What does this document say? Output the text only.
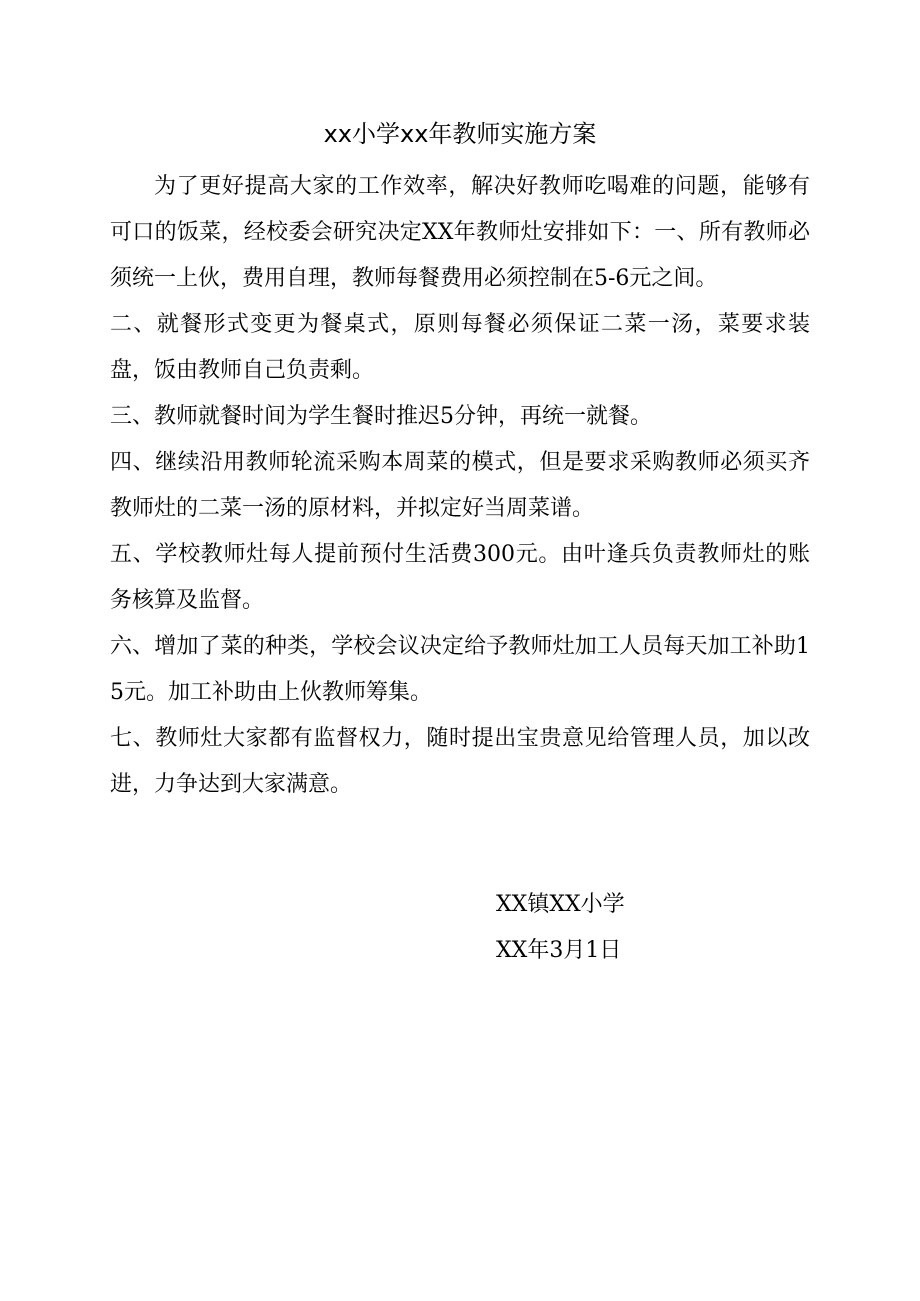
xx小学xx年教师实施方案

为了更好提高大家的工作效率，解决好教师吃喝难的问题，能够有可口的饭菜，经校委会研究决定XX年教师灶安排如下：一、所有教师必须统一上伙，费用自理，教师每餐费用必须控制在5-6元之间。

二、就餐形式变更为餐桌式，原则每餐必须保证二菜一汤，菜要求装盘，饭由教师自己负责剩。

三、教师就餐时间为学生餐时推迟5分钟，再统一就餐。

四、继续沿用教师轮流采购本周菜的模式，但是要求采购教师必须买齐教师灶的二菜一汤的原材料，并拟定好当周菜谱。

五、学校教师灶每人提前预付生活费300元。由叶逢兵负责教师灶的账务核算及监督。

六、增加了菜的种类，学校会议决定给予教师灶加工人员每天加工补助15元。加工补助由上伙教师筹集。

七、教师灶大家都有监督权力，随时提出宝贵意见给管理人员，加以改进，力争达到大家满意。

XX镇XX小学
XX年3月1日
